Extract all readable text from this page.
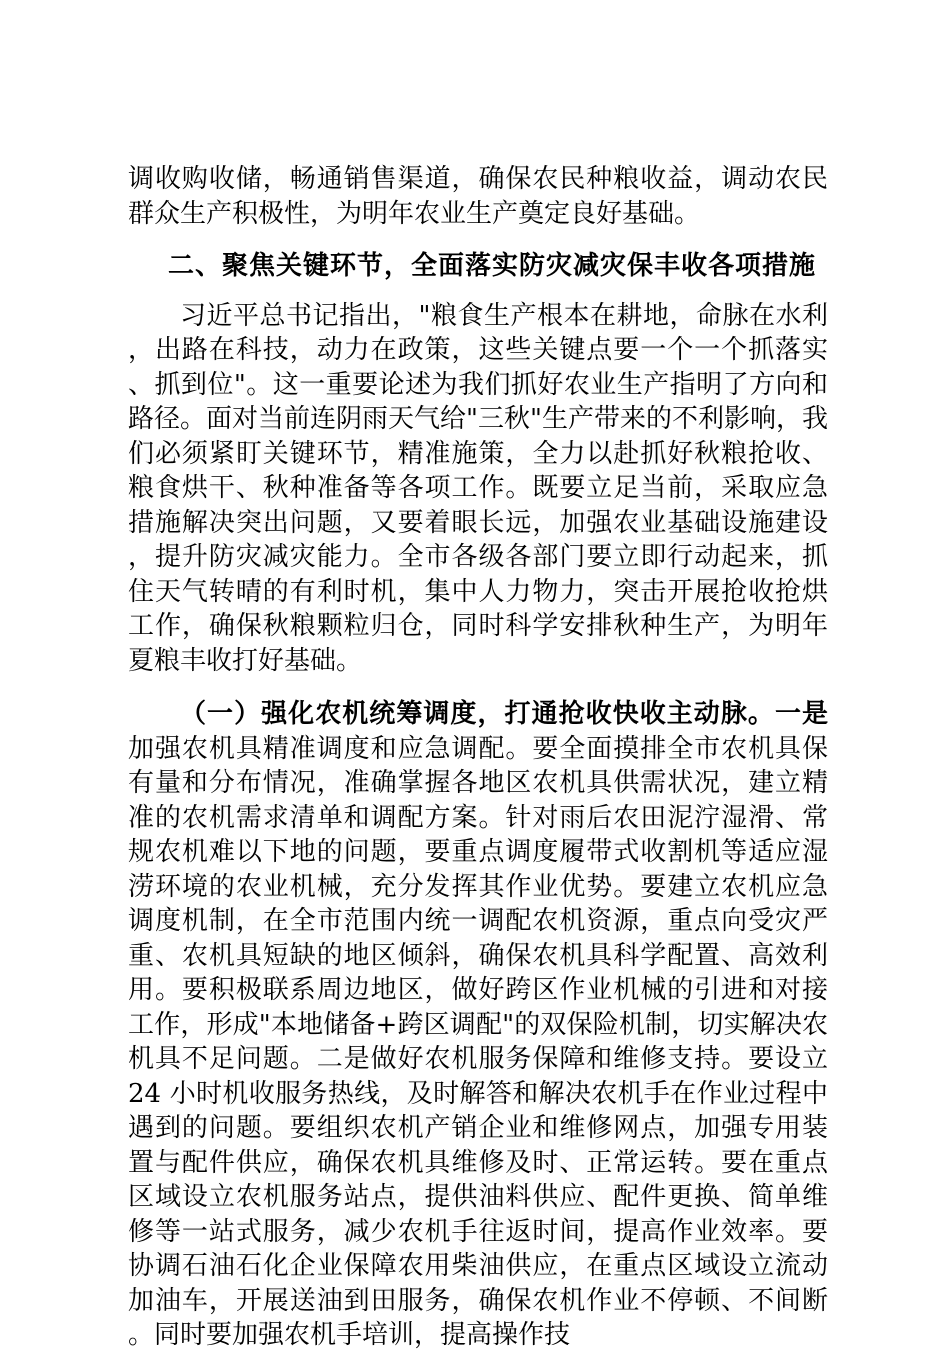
调收购收储，畅通销售渠道，确保农民种粮收益，调动农民群众生产积极性，为明年农业生产奠定良好基础。

二、聚焦关键环节，全面落实防灾减灾保丰收各项措施

习近平总书记指出，"粮食生产根本在耕地，命脉在水利，出路在科技，动力在政策，这些关键点要一个一个抓落实、抓到位"。这一重要论述为我们抓好农业生产指明了方向和路径。面对当前连阴雨天气给"三秋"生产带来的不利影响，我们必须紧盯关键环节，精准施策，全力以赴抓好秋粮抢收、粮食烘干、秋种准备等各项工作。既要立足当前，采取应急措施解决突出问题，又要着眼长远，加强农业基础设施建设，提升防灾减灾能力。全市各级各部门要立即行动起来，抓住天气转晴的有利时机，集中人力物力，突击开展抢收抢烘工作，确保秋粮颗粒归仓，同时科学安排秋种生产，为明年夏粮丰收打好基础。

（一）强化农机统筹调度，打通抢收快收主动脉。一是加强农机具精准调度和应急调配。要全面摸排全市农机具保有量和分布情况，准确掌握各地区农机具供需状况，建立精准的农机需求清单和调配方案。针对雨后农田泥泞湿滑、常规农机难以下地的问题，要重点调度履带式收割机等适应湿涝环境的农业机械，充分发挥其作业优势。要建立农机应急调度机制，在全市范围内统一调配农机资源，重点向受灾严重、农机具短缺的地区倾斜，确保农机具科学配置、高效利用。要积极联系周边地区，做好跨区作业机械的引进和对接工作，形成"本地储备+跨区调配"的双保险机制，切实解决农机具不足问题。二是做好农机服务保障和维修支持。要设立 24 小时机收服务热线，及时解答和解决农机手在作业过程中遇到的问题。要组织农机产销企业和维修网点，加强专用装置与配件供应，确保农机具维修及时、正常运转。要在重点区域设立农机服务站点，提供油料供应、配件更换、简单维修等一站式服务，减少农机手往返时间，提高作业效率。要协调石油石化企业保障农用柴油供应，在重点区域设立流动加油车，开展送油到田服务，确保农机作业不停顿、不间断。同时要加强农机手培训，提高操作技
